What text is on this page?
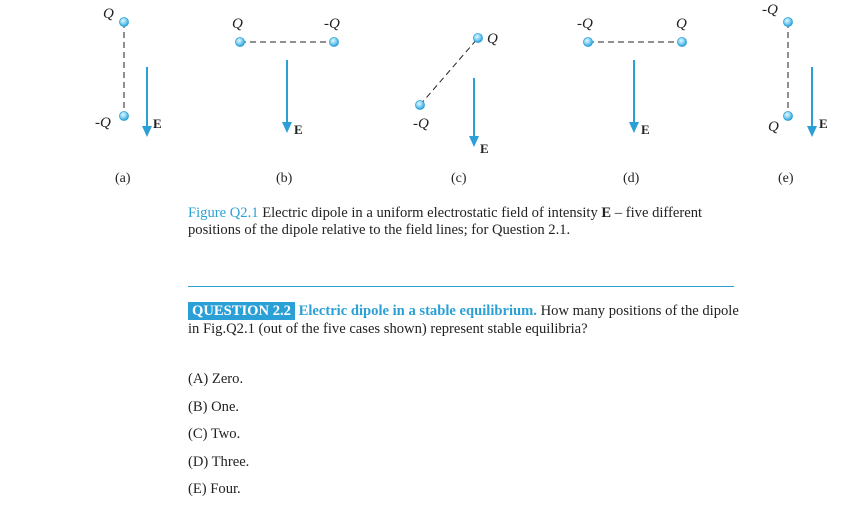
Q
-Q	E
(a)
Q	-Q
E
(b)
Q
-Q
E
(c)
-Q	Q
E
(d)
-Q
Q	E
(e)
Figure Q2.1 Electric dipole in a uniform electrostatic field of intensity E – five different positions of the dipole relative to the field lines; for Question 2.1.
QUESTION 2.2 Electric dipole in a stable equilibrium. How many positions of the dipole in Fig.Q2.1 (out of the five cases shown) represent stable equilibria?
(A) Zero.
(B) One.
(C) Two.
(D) Three.
(E) Four.
